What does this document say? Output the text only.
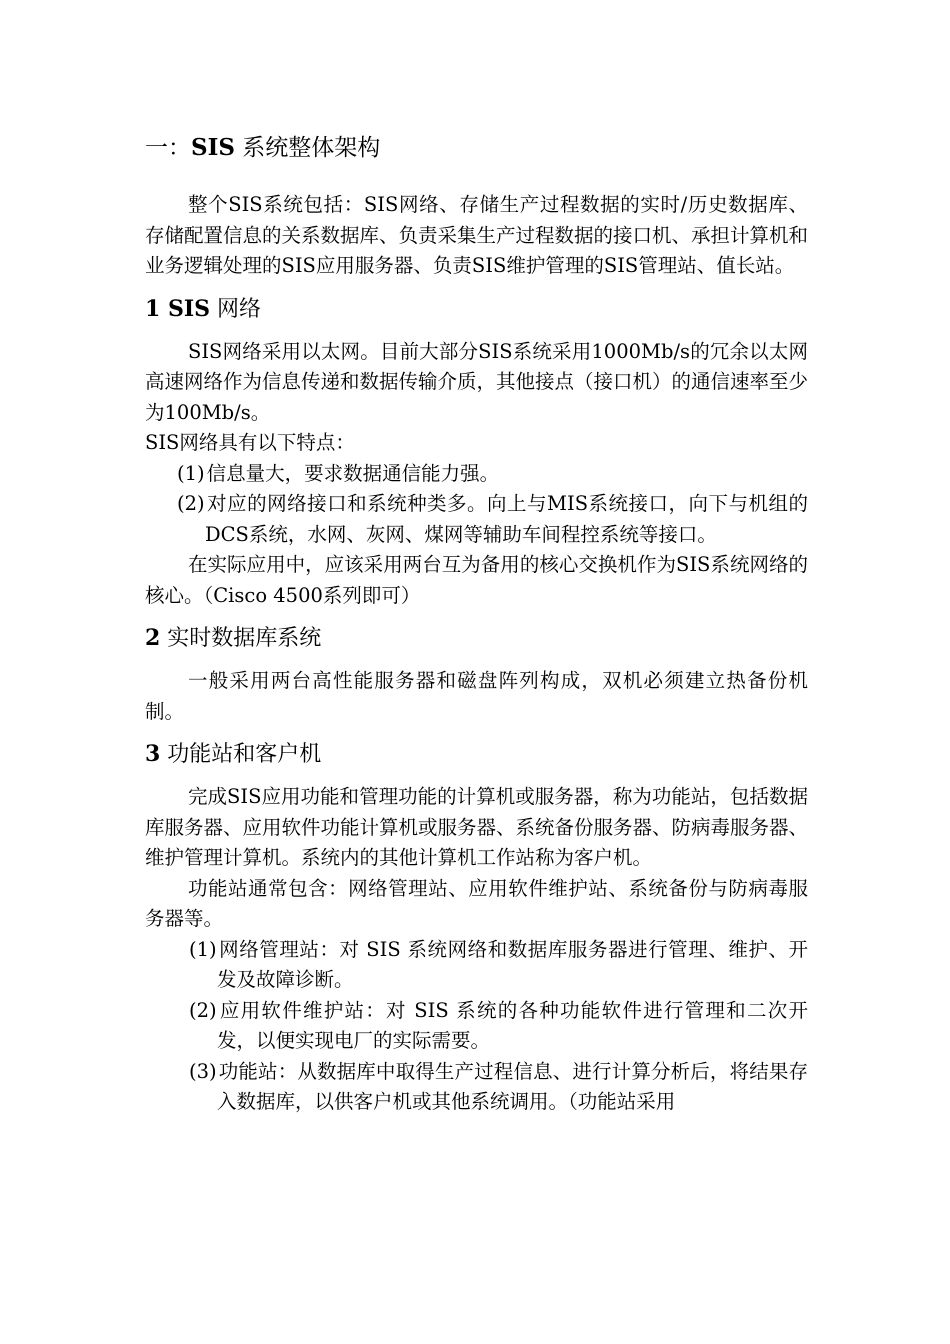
一：SIS 系统整体架构

整个SIS系统包括：SIS网络、存储生产过程数据的实时/历史数据库、存储配置信息的关系数据库、负责采集生产过程数据的接口机、承担计算机和业务逻辑处理的SIS应用服务器、负责SIS维护管理的SIS管理站、值长站。

1 SIS 网络

SIS网络采用以太网。目前大部分SIS系统采用1000Mb/s的冗余以太网高速网络作为信息传递和数据传输介质，其他接点（接口机）的通信速率至少为100Mb/s。

SIS网络具有以下特点：

(1) 信息量大，要求数据通信能力强。
(2) 对应的网络接口和系统种类多。向上与MIS系统接口，向下与机组的DCS系统，水网、灰网、煤网等辅助车间程控系统等接口。

在实际应用中，应该采用两台互为备用的核心交换机作为SIS系统网络的核心。（Cisco 4500系列即可）

2 实时数据库系统

一般采用两台高性能服务器和磁盘阵列构成，双机必须建立热备份机制。

3 功能站和客户机

完成SIS应用功能和管理功能的计算机或服务器，称为功能站，包括数据库服务器、应用软件功能计算机或服务器、系统备份服务器、防病毒服务器、维护管理计算机。系统内的其他计算机工作站称为客户机。

功能站通常包含：网络管理站、应用软件维护站、系统备份与防病毒服务器等。

(1) 网络管理站：对 SIS 系统网络和数据库服务器进行管理、维护、开发及故障诊断。
(2) 应用软件维护站：对 SIS 系统的各种功能软件进行管理和二次开发，以便实现电厂的实际需要。
(3) 功能站：从数据库中取得生产过程信息、进行计算分析后，将结果存入数据库，以供客户机或其他系统调用。（功能站采用
